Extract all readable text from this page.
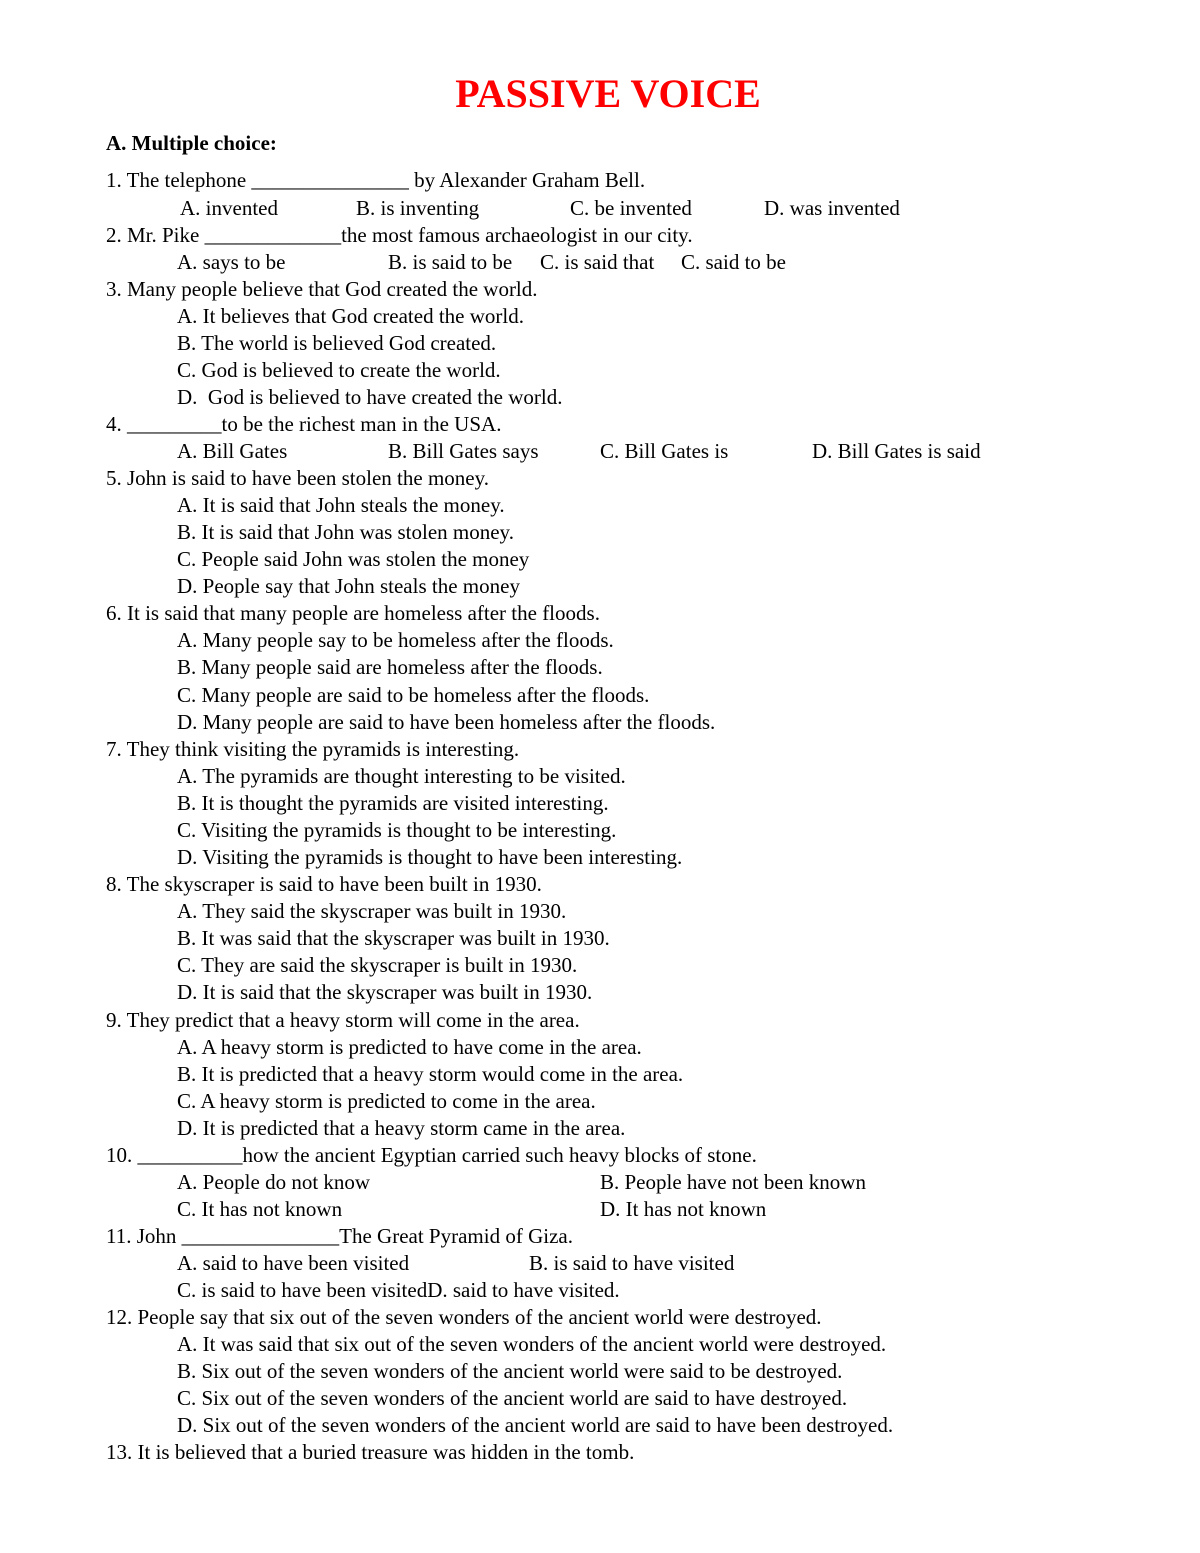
PASSIVE VOICE
A. Multiple choice:
1. The telephone _______________ by Alexander Graham Bell.
A. invented	B. is inventing	C. be invented	D. was invented
2. Mr. Pike _____________the most famous archaeologist in our city.
A. says to be	B. is said to be C. is said that C. said to be
3. Many people believe that God created the world.
A. It believes that God created the world.
B. The world is believed God created.
C. God is believed to create the world.
D.  God is believed to have created the world.
4. _________to be the richest man in the USA.
A. Bill Gates	B. Bill Gates says	C. Bill Gates is	D. Bill Gates is said
5. John is said to have been stolen the money.
A. It is said that John steals the money.
B. It is said that John was stolen money.
C. People said John was stolen the money
D. People say that John steals the money
6. It is said that many people are homeless after the floods.
A. Many people say to be homeless after the floods.
B. Many people said are homeless after the floods.
C. Many people are said to be homeless after the floods.
D. Many people are said to have been homeless after the floods.
7. They think visiting the pyramids is interesting.
A. The pyramids are thought interesting to be visited.
B. It is thought the pyramids are visited interesting.
C. Visiting the pyramids is thought to be interesting.
D. Visiting the pyramids is thought to have been interesting.
8. The skyscraper is said to have been built in 1930.
A. They said the skyscraper was built in 1930.
B. It was said that the skyscraper was built in 1930.
C. They are said the skyscraper is built in 1930.
D. It is said that the skyscraper was built in 1930.
9. They predict that a heavy storm will come in the area.
A. A heavy storm is predicted to have come in the area.
B. It is predicted that a heavy storm would come in the area.
C. A heavy storm is predicted to come in the area.
D. It is predicted that a heavy storm came in the area.
10. __________how the ancient Egyptian carried such heavy blocks of stone.
A. People do not know	B. People have not been known
C. It has not known	D. It has not known
11. John _______________The Great Pyramid of Giza.
A. said to have been visited	B. is said to have visited
C. is said to have been visitedD. said to have visited.
12. People say that six out of the seven wonders of the ancient world were destroyed.
A. It was said that six out of the seven wonders of the ancient world were destroyed.
B. Six out of the seven wonders of the ancient world were said to be destroyed.
C. Six out of the seven wonders of the ancient world are said to have destroyed.
D. Six out of the seven wonders of the ancient world are said to have been destroyed.
13. It is believed that a buried treasure was hidden in the tomb.
